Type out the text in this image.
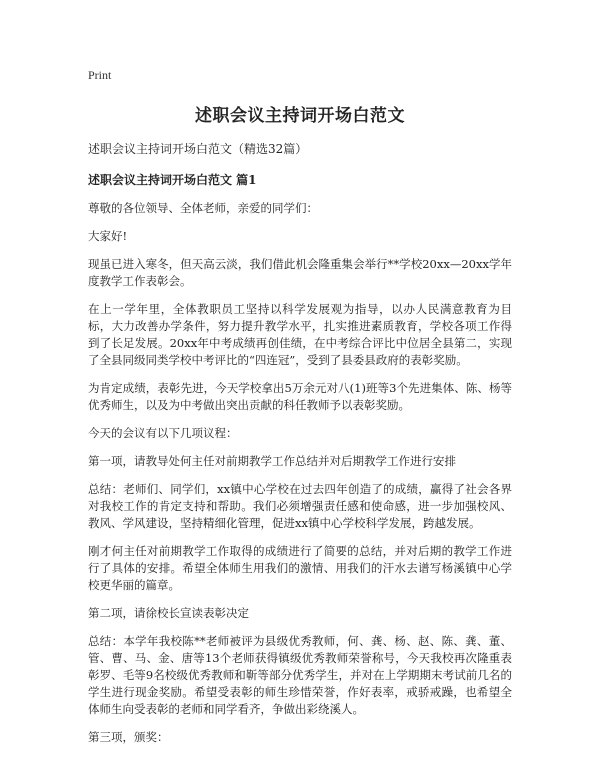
Print
述职会议主持词开场白范文
述职会议主持词开场白范文（精选32篇）
述职会议主持词开场白范文 篇1

尊敬的各位领导、全体老师，亲爱的同学们：

大家好!

现虽已进入寒冬，但天高云淡，我们借此机会隆重集会举行**学校20xx—20xx学年度教学工作表彰会。

在上一学年里，全体教职员工坚持以科学发展观为指导，以办人民满意教育为目标，大力改善办学条件，努力提升教学水平，扎实推进素质教育，学校各项工作得到了长足发展。20xx年中考成绩再创佳绩，在中考综合评比中位居全县第二，实现了全县同级同类学校中考评比的“四连冠”，受到了县委县政府的表彰奖励。

为肯定成绩，表彰先进，今天学校拿出5万余元对八(1)班等3个先进集体、陈、杨等优秀师生，以及为中考做出突出贡献的科任教师予以表彰奖励。

今天的会议有以下几项议程：

第一项，请教导处何主任对前期教学工作总结并对后期教学工作进行安排

总结：老师们、同学们，xx镇中心学校在过去四年创造了的成绩，赢得了社会各界对我校工作的肯定支持和帮助。我们必须增强责任感和使命感，进一步加强校风、教风、学风建设，坚持精细化管理，促进xx镇中心学校科学发展，跨越发展。

刚才何主任对前期教学工作取得的成绩进行了简要的总结，并对后期的教学工作进行了具体的安排。希望全体师生用我们的激情、用我们的汗水去谱写杨溪镇中心学校更华丽的篇章。

第二项，请徐校长宣读表彰决定

总结：本学年我校陈**老师被评为县级优秀教师，何、龚、杨、赵、陈、龚、董、管、曹、马、金、唐等13个老师获得镇级优秀教师荣誉称号，今天我校再次隆重表彰罗、毛等9名校级优秀教师和靳等部分优秀学生，并对在上学期期末考试前几名的学生进行现金奖励。希望受表彰的师生珍惜荣誉，作好表率，戒骄戒躁，也希望全体师生向受表彰的老师和同学看齐，争做出彩绕溪人。

第三项，颁奖：
